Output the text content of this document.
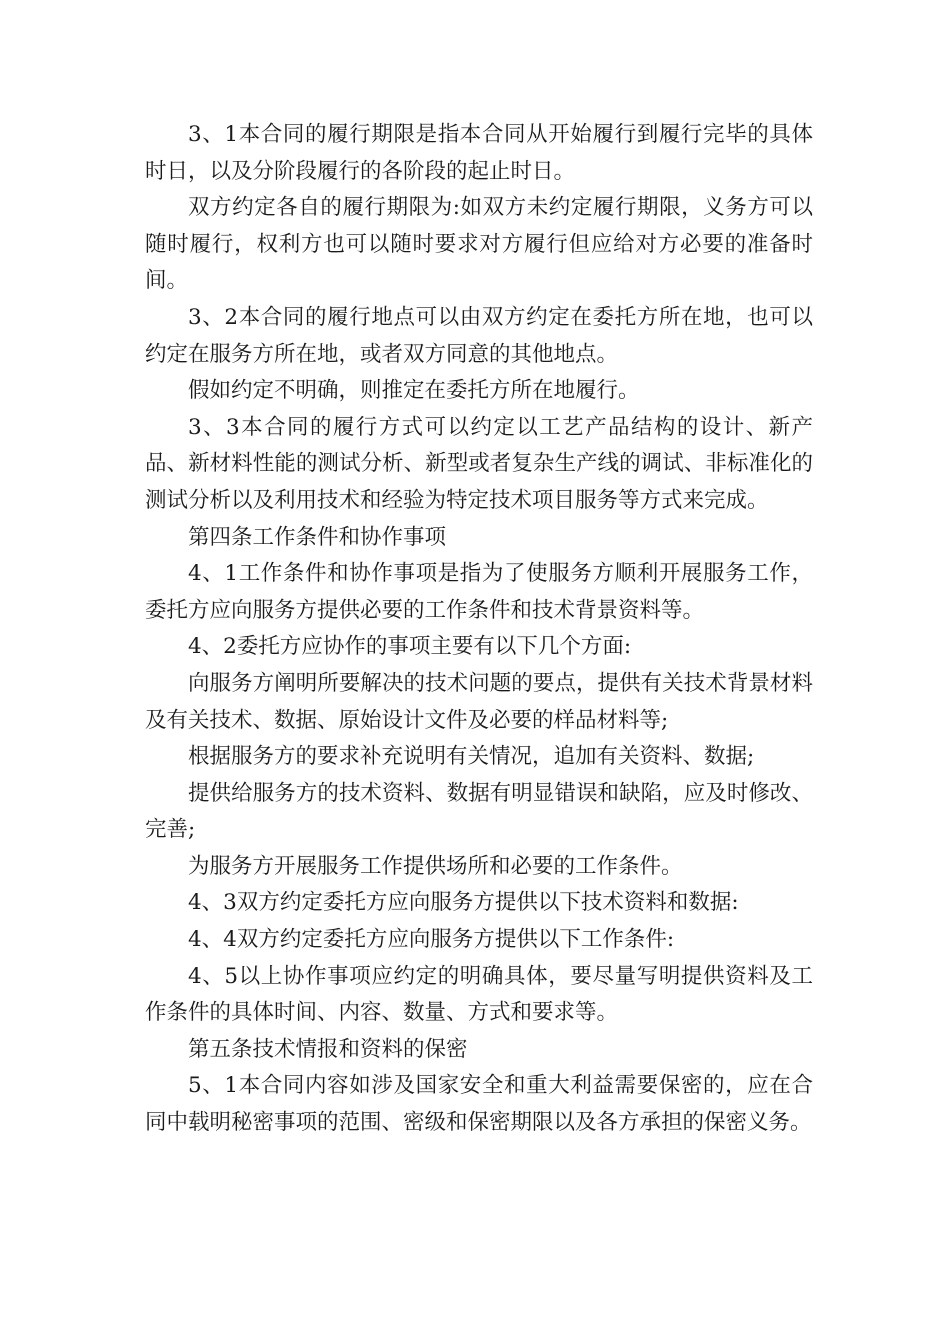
3、1本合同的履行期限是指本合同从开始履行到履行完毕的具体时日，以及分阶段履行的各阶段的起止时日。

双方约定各自的履行期限为:如双方未约定履行期限，义务方可以随时履行，权利方也可以随时要求对方履行但应给对方必要的准备时间。

3、2本合同的履行地点可以由双方约定在委托方所在地，也可以约定在服务方所在地，或者双方同意的其他地点。

假如约定不明确，则推定在委托方所在地履行。

3、3本合同的履行方式可以约定以工艺产品结构的设计、新产品、新材料性能的测试分析、新型或者复杂生产线的调试、非标准化的测试分析以及利用技术和经验为特定技术项目服务等方式来完成。

第四条工作条件和协作事项

4、1工作条件和协作事项是指为了使服务方顺利开展服务工作，委托方应向服务方提供必要的工作条件和技术背景资料等。

4、2委托方应协作的事项主要有以下几个方面:

向服务方阐明所要解决的技术问题的要点，提供有关技术背景材料及有关技术、数据、原始设计文件及必要的样品材料等;

根据服务方的要求补充说明有关情况，追加有关资料、数据;

提供给服务方的技术资料、数据有明显错误和缺陷，应及时修改、完善;

为服务方开展服务工作提供场所和必要的工作条件。

4、3双方约定委托方应向服务方提供以下技术资料和数据:

4、4双方约定委托方应向服务方提供以下工作条件:

4、5以上协作事项应约定的明确具体，要尽量写明提供资料及工作条件的具体时间、内容、数量、方式和要求等。

第五条技术情报和资料的保密

5、1本合同内容如涉及国家安全和重大利益需要保密的，应在合同中载明秘密事项的范围、密级和保密期限以及各方承担的保密义务。
